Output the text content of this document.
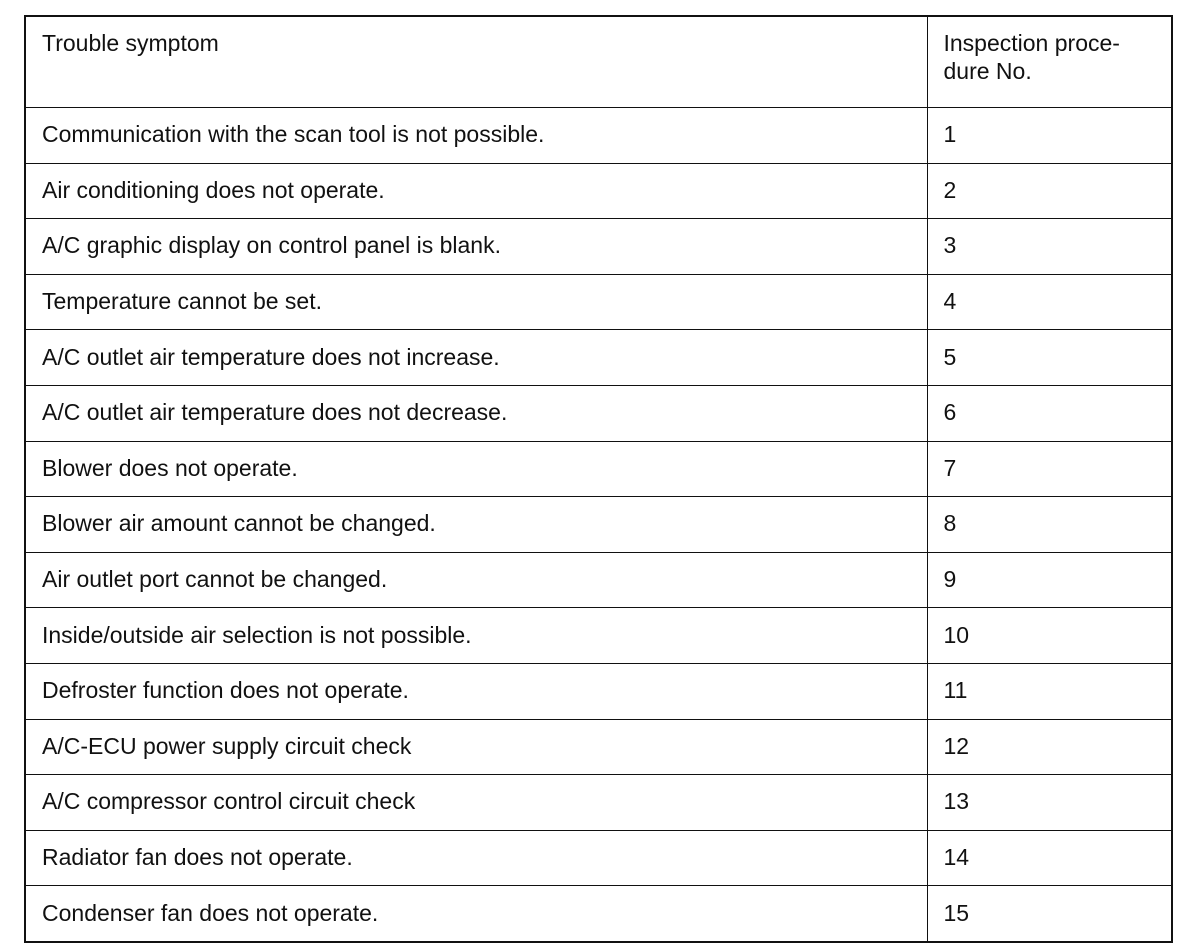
Trouble symptom	Inspection proce-
dure No.

Communication with the scan tool is not possible.	1
Air conditioning does not operate.	2
A/C graphic display on control panel is blank.	3
Temperature cannot be set.	4
A/C outlet air temperature does not increase.	5
A/C outlet air temperature does not decrease.	6
Blower does not operate.	7
Blower air amount cannot be changed.	8
Air outlet port cannot be changed.	9
Inside/outside air selection is not possible.	10
Defroster function does not operate.	11
A/C-ECU power supply circuit check	12
A/C compressor control circuit check	13
Radiator fan does not operate.	14
Condenser fan does not operate.	15
